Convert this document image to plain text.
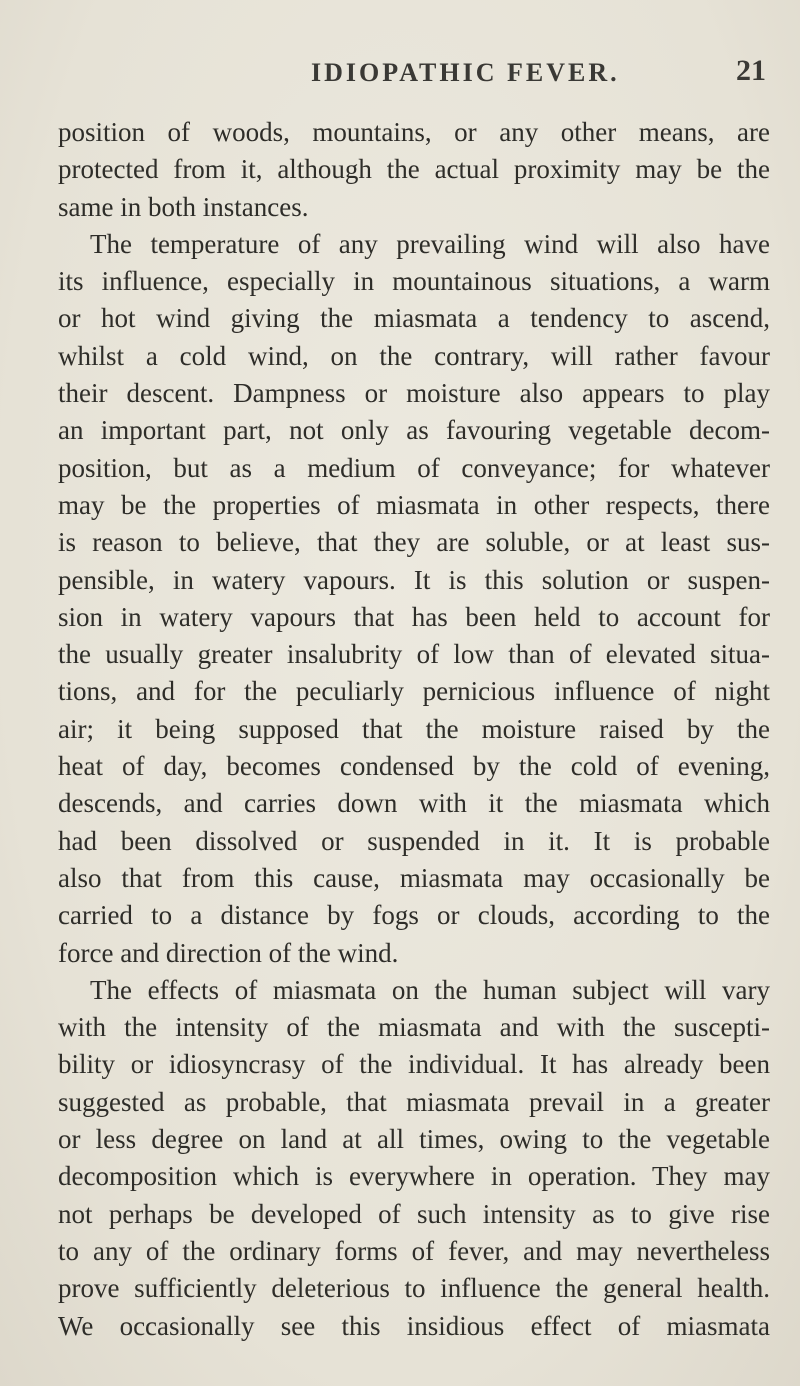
IDIOPATHIC FEVER.	21
position of woods, mountains, or any other means, are
protected from it, although the actual proximity may be the
same in both instances.
The temperature of any prevailing wind will also have
its influence, especially in mountainous situations, a warm
or hot wind giving the miasmata a tendency to ascend,
whilst a cold wind, on the contrary, will rather favour
their descent. Dampness or moisture also appears to play
an important part, not only as favouring vegetable decom-
position, but as a medium of conveyance; for whatever
may be the properties of miasmata in other respects, there
is reason to believe, that they are soluble, or at least sus-
pensible, in watery vapours. It is this solution or suspen-
sion in watery vapours that has been held to account for
the usually greater insalubrity of low than of elevated situa-
tions, and for the peculiarly pernicious influence of night
air; it being supposed that the moisture raised by the
heat of day, becomes condensed by the cold of evening,
descends, and carries down with it the miasmata which
had been dissolved or suspended in it. It is probable
also that from this cause, miasmata may occasionally be
carried to a distance by fogs or clouds, according to the
force and direction of the wind.
The effects of miasmata on the human subject will vary
with the intensity of the miasmata and with the suscepti-
bility or idiosyncrasy of the individual. It has already been
suggested as probable, that miasmata prevail in a greater
or less degree on land at all times, owing to the vegetable
decomposition which is everywhere in operation. They may
not perhaps be developed of such intensity as to give rise
to any of the ordinary forms of fever, and may nevertheless
prove sufficiently deleterious to influence the general health.
We occasionally see this insidious effect of miasmata
